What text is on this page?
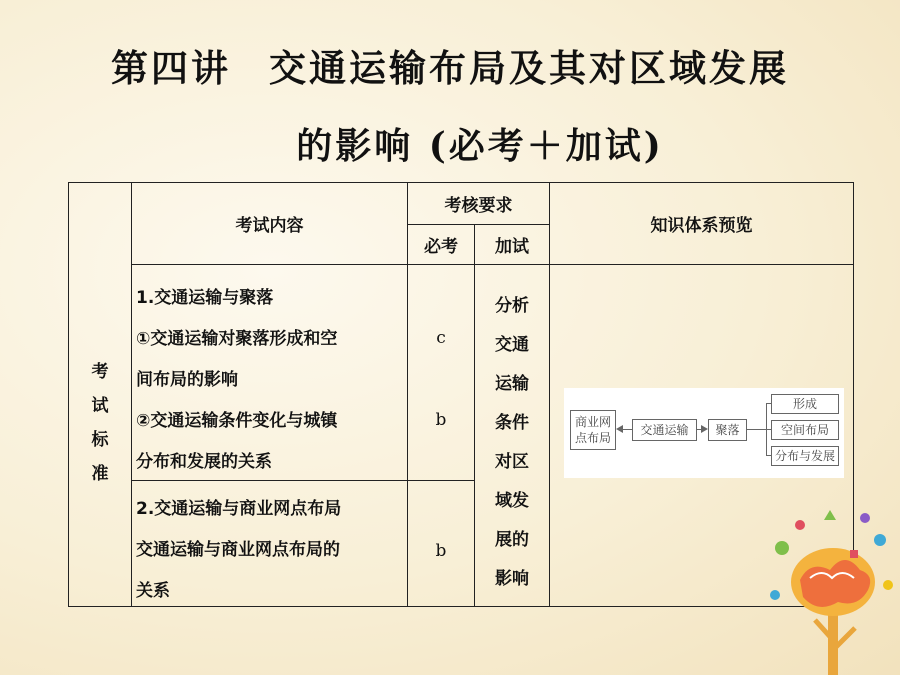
第四讲 交通运输布局及其对区域发展
的影响 (必考＋加试)
考试内容
考核要求
必考	加试
知识体系预览
考
试
标
准
1.交通运输与聚落
①交通运输对聚落形成和空
间布局的影响
②交通运输条件变化与城镇
分布和发展的关系
c
b
2.交通运输与商业网点布局
交通运输与商业网点布局的
关系
b
分析
交通
运输
条件
对区
域发
展的
影响
商业网点布局
交通运输	聚落
形成
空间布局
分布与发展
